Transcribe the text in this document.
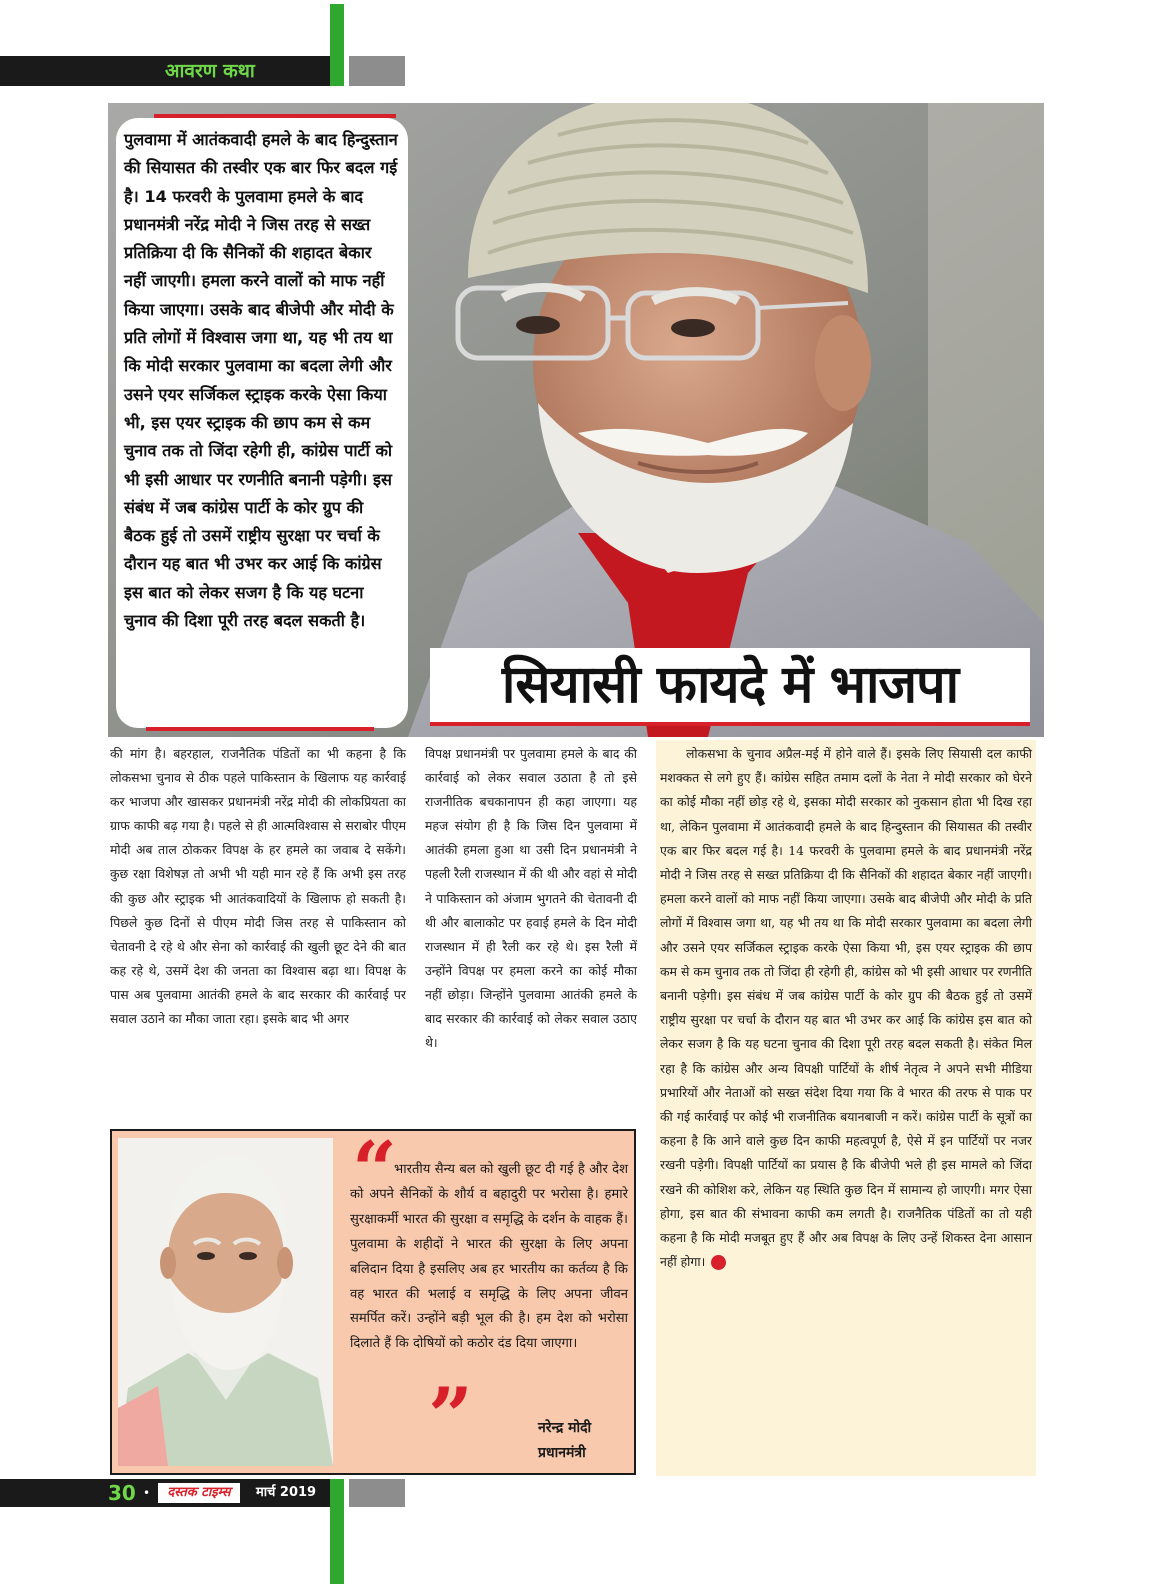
आवरण कथा

पुलवामा में आतंकवादी हमले के बाद हिन्दुस्तान की सियासत की तस्वीर एक बार फिर बदल गई है। 14 फरवरी के पुलवामा हमले के बाद प्रधानमंत्री नरेंद्र मोदी ने जिस तरह से सख्त प्रतिक्रिया दी कि सैनिकों की शहादत बेकार नहीं जाएगी। हमला करने वालों को माफ नहीं किया जाएगा। उसके बाद बीजेपी और मोदी के प्रति लोगों में विश्वास जगा था, यह भी तय था कि मोदी सरकार पुलवामा का बदला लेगी और उसने एयर सर्जिकल स्ट्राइक करके ऐसा किया भी, इस एयर स्ट्राइक की छाप कम से कम चुनाव तक तो जिंदा रहेगी ही, कांग्रेस पार्टी को भी इसी आधार पर रणनीति बनानी पड़ेगी। इस संबंध में जब कांग्रेस पार्टी के कोर ग्रुप की बैठक हुई तो उसमें राष्ट्रीय सुरक्षा पर चर्चा के दौरान यह बात भी उभर कर आई कि कांग्रेस इस बात को लेकर सजग है कि यह घटना चुनाव की दिशा पूरी तरह बदल सकती है।

सियासी फायदे में भाजपा

की मांग है। बहरहाल, राजनैतिक पंडितों का भी कहना है कि लोकसभा चुनाव से ठीक पहले पाकिस्तान के खिलाफ यह कार्रवाई कर भाजपा और खासकर प्रधानमंत्री नरेंद्र मोदी की लोकप्रियता का ग्राफ काफी बढ़ गया है। पहले से ही आत्मविश्वास से सराबोर पीएम मोदी अब ताल ठोककर विपक्ष के हर हमले का जवाब दे सकेंगे। कुछ रक्षा विशेषज्ञ तो अभी भी यही मान रहे हैं कि अभी इस तरह की कुछ और स्ट्राइक भी आतंकवादियों के खिलाफ हो सकती है। पिछले कुछ दिनों से पीएम मोदी जिस तरह से पाकिस्तान को चेतावनी दे रहे थे और सेना को कार्रवाई की खुली छूट देने की बात कह रहे थे, उसमें देश की जनता का विश्वास बढ़ा था। विपक्ष के पास अब पुलवामा आतंकी हमले के बाद सरकार की कार्रवाई पर सवाल उठाने का मौका जाता रहा। इसके बाद भी अगर

विपक्ष प्रधानमंत्री पर पुलवामा हमले के बाद की कार्रवाई को लेकर सवाल उठाता है तो इसे राजनीतिक बचकानापन ही कहा जाएगा। यह महज संयोग ही है कि जिस दिन पुलवामा में आतंकी हमला हुआ था उसी दिन प्रधानमंत्री ने पहली रैली राजस्थान में की थी और वहां से मोदी ने पाकिस्तान को अंजाम भुगतने की चेतावनी दी थी और बालाकोट पर हवाई हमले के दिन मोदी राजस्थान में ही रैली कर रहे थे। इस रैली में उन्होंने विपक्ष पर हमला करने का कोई मौका नहीं छोड़ा। जिन्होंने पुलवामा आतंकी हमले के बाद सरकार की कार्रवाई को लेकर सवाल उठाए थे।

लोकसभा के चुनाव अप्रैल-मई में होने वाले हैं। इसके लिए सियासी दल काफी मशक्कत से लगे हुए हैं। कांग्रेस सहित तमाम दलों के नेता ने मोदी सरकार को घेरने का कोई मौका नहीं छोड़ रहे थे, इसका मोदी सरकार को नुकसान होता भी दिख रहा था, लेकिन पुलवामा में आतंकवादी हमले के बाद हिन्दुस्तान की सियासत की तस्वीर एक बार फिर बदल गई है। 14 फरवरी के पुलवामा हमले के बाद प्रधानमंत्री नरेंद्र मोदी ने जिस तरह से सख्त प्रतिक्रिया दी कि सैनिकों की शहादत बेकार नहीं जाएगी। हमला करने वालों को माफ नहीं किया जाएगा। उसके बाद बीजेपी और मोदी के प्रति लोगों में विश्वास जगा था, यह भी तय था कि मोदी सरकार पुलवामा का बदला लेगी और उसने एयर सर्जिकल स्ट्राइक करके ऐसा किया भी, इस एयर स्ट्राइक की छाप कम से कम चुनाव तक तो जिंदा ही रहेगी ही, कांग्रेस को भी इसी आधार पर रणनीति बनानी पड़ेगी। इस संबंध में जब कांग्रेस पार्टी के कोर ग्रुप की बैठक हुई तो उसमें राष्ट्रीय सुरक्षा पर चर्चा के दौरान यह बात भी उभर कर आई कि कांग्रेस इस बात को लेकर सजग है कि यह घटना चुनाव की दिशा पूरी तरह बदल सकती है। संकेत मिल रहा है कि कांग्रेस और अन्य विपक्षी पार्टियों के शीर्ष नेतृत्व ने अपने सभी मीडिया प्रभारियों और नेताओं को सख्त संदेश दिया गया कि वे भारत की तरफ से पाक पर की गई कार्रवाई पर कोई भी राजनीतिक बयानबाजी न करें। कांग्रेस पार्टी के सूत्रों का कहना है कि आने वाले कुछ दिन काफी महत्वपूर्ण है, ऐसे में इन पार्टियों पर नजर रखनी पड़ेगी। विपक्षी पार्टियों का प्रयास है कि बीजेपी भले ही इस मामले को जिंदा रखने की कोशिश करे, लेकिन यह स्थिति कुछ दिन में सामान्य हो जाएगी। मगर ऐसा होगा, इस बात की संभावना काफी कम लगती है। राजनैतिक पंडितों का तो यही कहना है कि मोदी मजबूत हुए हैं और अब विपक्ष के लिए उन्हें शिकस्त देना आसान नहीं होगा।

“

भारतीय सैन्य बल को खुली छूट दी गई है और देश को अपने सैनिकों के शौर्य व बहादुरी पर भरोसा है। हमारे सुरक्षाकर्मी भारत की सुरक्षा व समृद्धि के दर्शन के वाहक हैं। पुलवामा के शहीदों ने भारत की सुरक्षा के लिए अपना बलिदान दिया है इसलिए अब हर भारतीय का कर्तव्य है कि वह भारत की भलाई व समृद्धि के लिए अपना जीवन समर्पित करें। उन्होंने बड़ी भूल की है। हम देश को भरोसा दिलाते हैं कि दोषियों को कठोर दंड दिया जाएगा।

”	नरेन्द्र मोदी
प्रधानमंत्री
30 •	दस्तक टाइम्स	मार्च 2019
